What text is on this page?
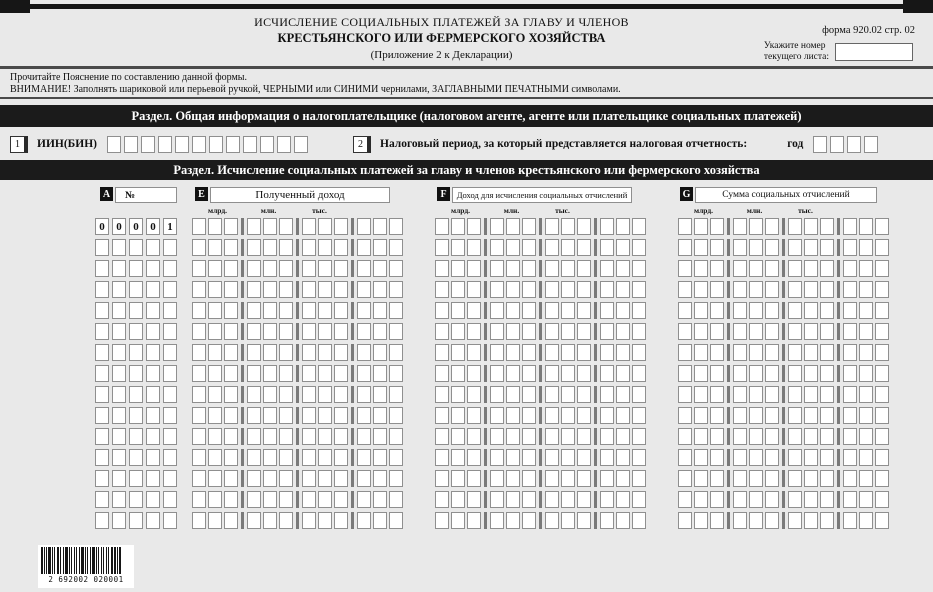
ИСЧИСЛЕНИЕ СОЦИАЛЬНЫХ ПЛАТЕЖЕЙ ЗА ГЛАВУ И ЧЛЕНОВ
КРЕСТЬЯНСКОГО ИЛИ ФЕРМЕРСКОГО ХОЗЯЙСТВА
(Приложение 2 к Декларации)
форма 920.02 стр. 02
Укажите номер
текущего листа:
Прочитайте Пояснение по составлению данной формы.
ВНИМАНИЕ! Заполнять шариковой или перьевой ручкой, ЧЕРНЫМИ или СИНИМИ чернилами, ЗАГЛАВНЫМИ ПЕЧАТНЫМИ символами.
Раздел. Общая информация о налогоплательщике (налоговом агенте, агенте или плательщике социальных платежей)
1	ИИН(БИН)	2	Налоговый период, за который представляется налоговая отчетность:	год
Раздел. Исчисление социальных платежей за главу и членов крестьянского или фермерского хозяйства
A	№	E	Полученный доход	F	Доход для исчисления социальных отчислений	G	Сумма социальных отчислений
млрд.	млн.	тыс.	млрд.	млн.	тыс.	млрд.	млн.	тыс.
0	0	0	0	1
2 692002 020001
